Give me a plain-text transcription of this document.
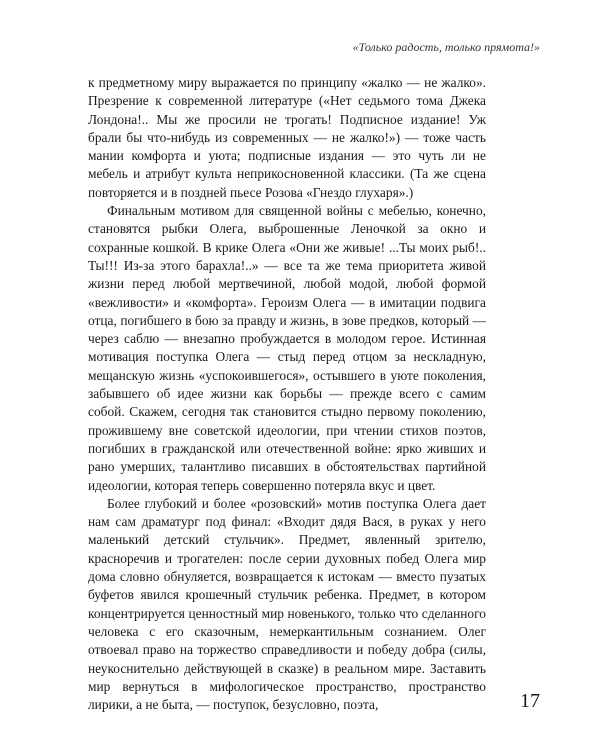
«Только радость, только прямота!»

к предметному миру выражается по принципу «жалко — не жалко». Презрение к современной литературе («Нет седьмого тома Джека Лондона!.. Мы же просили не трогать! Подписное издание! Уж брали бы что-нибудь из современных — не жалко!») — тоже часть мании комфорта и уюта; подписные издания — это чуть ли не мебель и атрибут культа неприкосновенной классики. (Та же сцена повторяется и в поздней пьесе Розова «Гнездо глухаря».)

Финальным мотивом для священной войны с мебелью, конечно, становятся рыбки Олега, выброшенные Леночкой за окно и сохранные кошкой. В крике Олега «Они же живые! ...Ты моих рыб!.. Ты!!! Из-за этого барахла!..» — все та же тема приоритета живой жизни перед любой мертвечиной, любой модой, любой формой «вежливости» и «комфорта». Героизм Олега — в имитации подвига отца, погибшего в бою за правду и жизнь, в зове предков, который — через саблю — внезапно пробуждается в молодом герое. Истинная мотивация поступка Олега — стыд перед отцом за нескладную, мещанскую жизнь «успокоившегося», остывшего в уюте поколения, забывшего об идее жизни как борьбы — прежде всего с самим собой. Скажем, сегодня так становится стыдно первому поколению, прожившему вне советской идеологии, при чтении стихов поэтов, погибших в гражданской или отечественной войне: ярко живших и рано умерших, талантливо писавших в обстоятельствах партийной идеологии, которая теперь совершенно потеряла вкус и цвет.

Более глубокий и более «розовский» мотив поступка Олега дает нам сам драматург под финал: «Входит дядя Вася, в руках у него маленький детский стульчик». Предмет, явленный зрителю, красноречив и трогателен: после серии духовных побед Олега мир дома словно обнуляется, возвращается к истокам — вместо пузатых буфетов явился крошечный стульчик ребенка. Предмет, в котором концентрируется ценностный мир новенького, только что сделанного человека с его сказочным, немеркантильным сознанием. Олег отвоевал право на торжество справедливости и победу добра (силы, неукоснительно действующей в сказке) в реальном мире. Заставить мир вернуться в мифологическое пространство, пространство лирики, а не быта, — поступок, безусловно, поэта,	17
